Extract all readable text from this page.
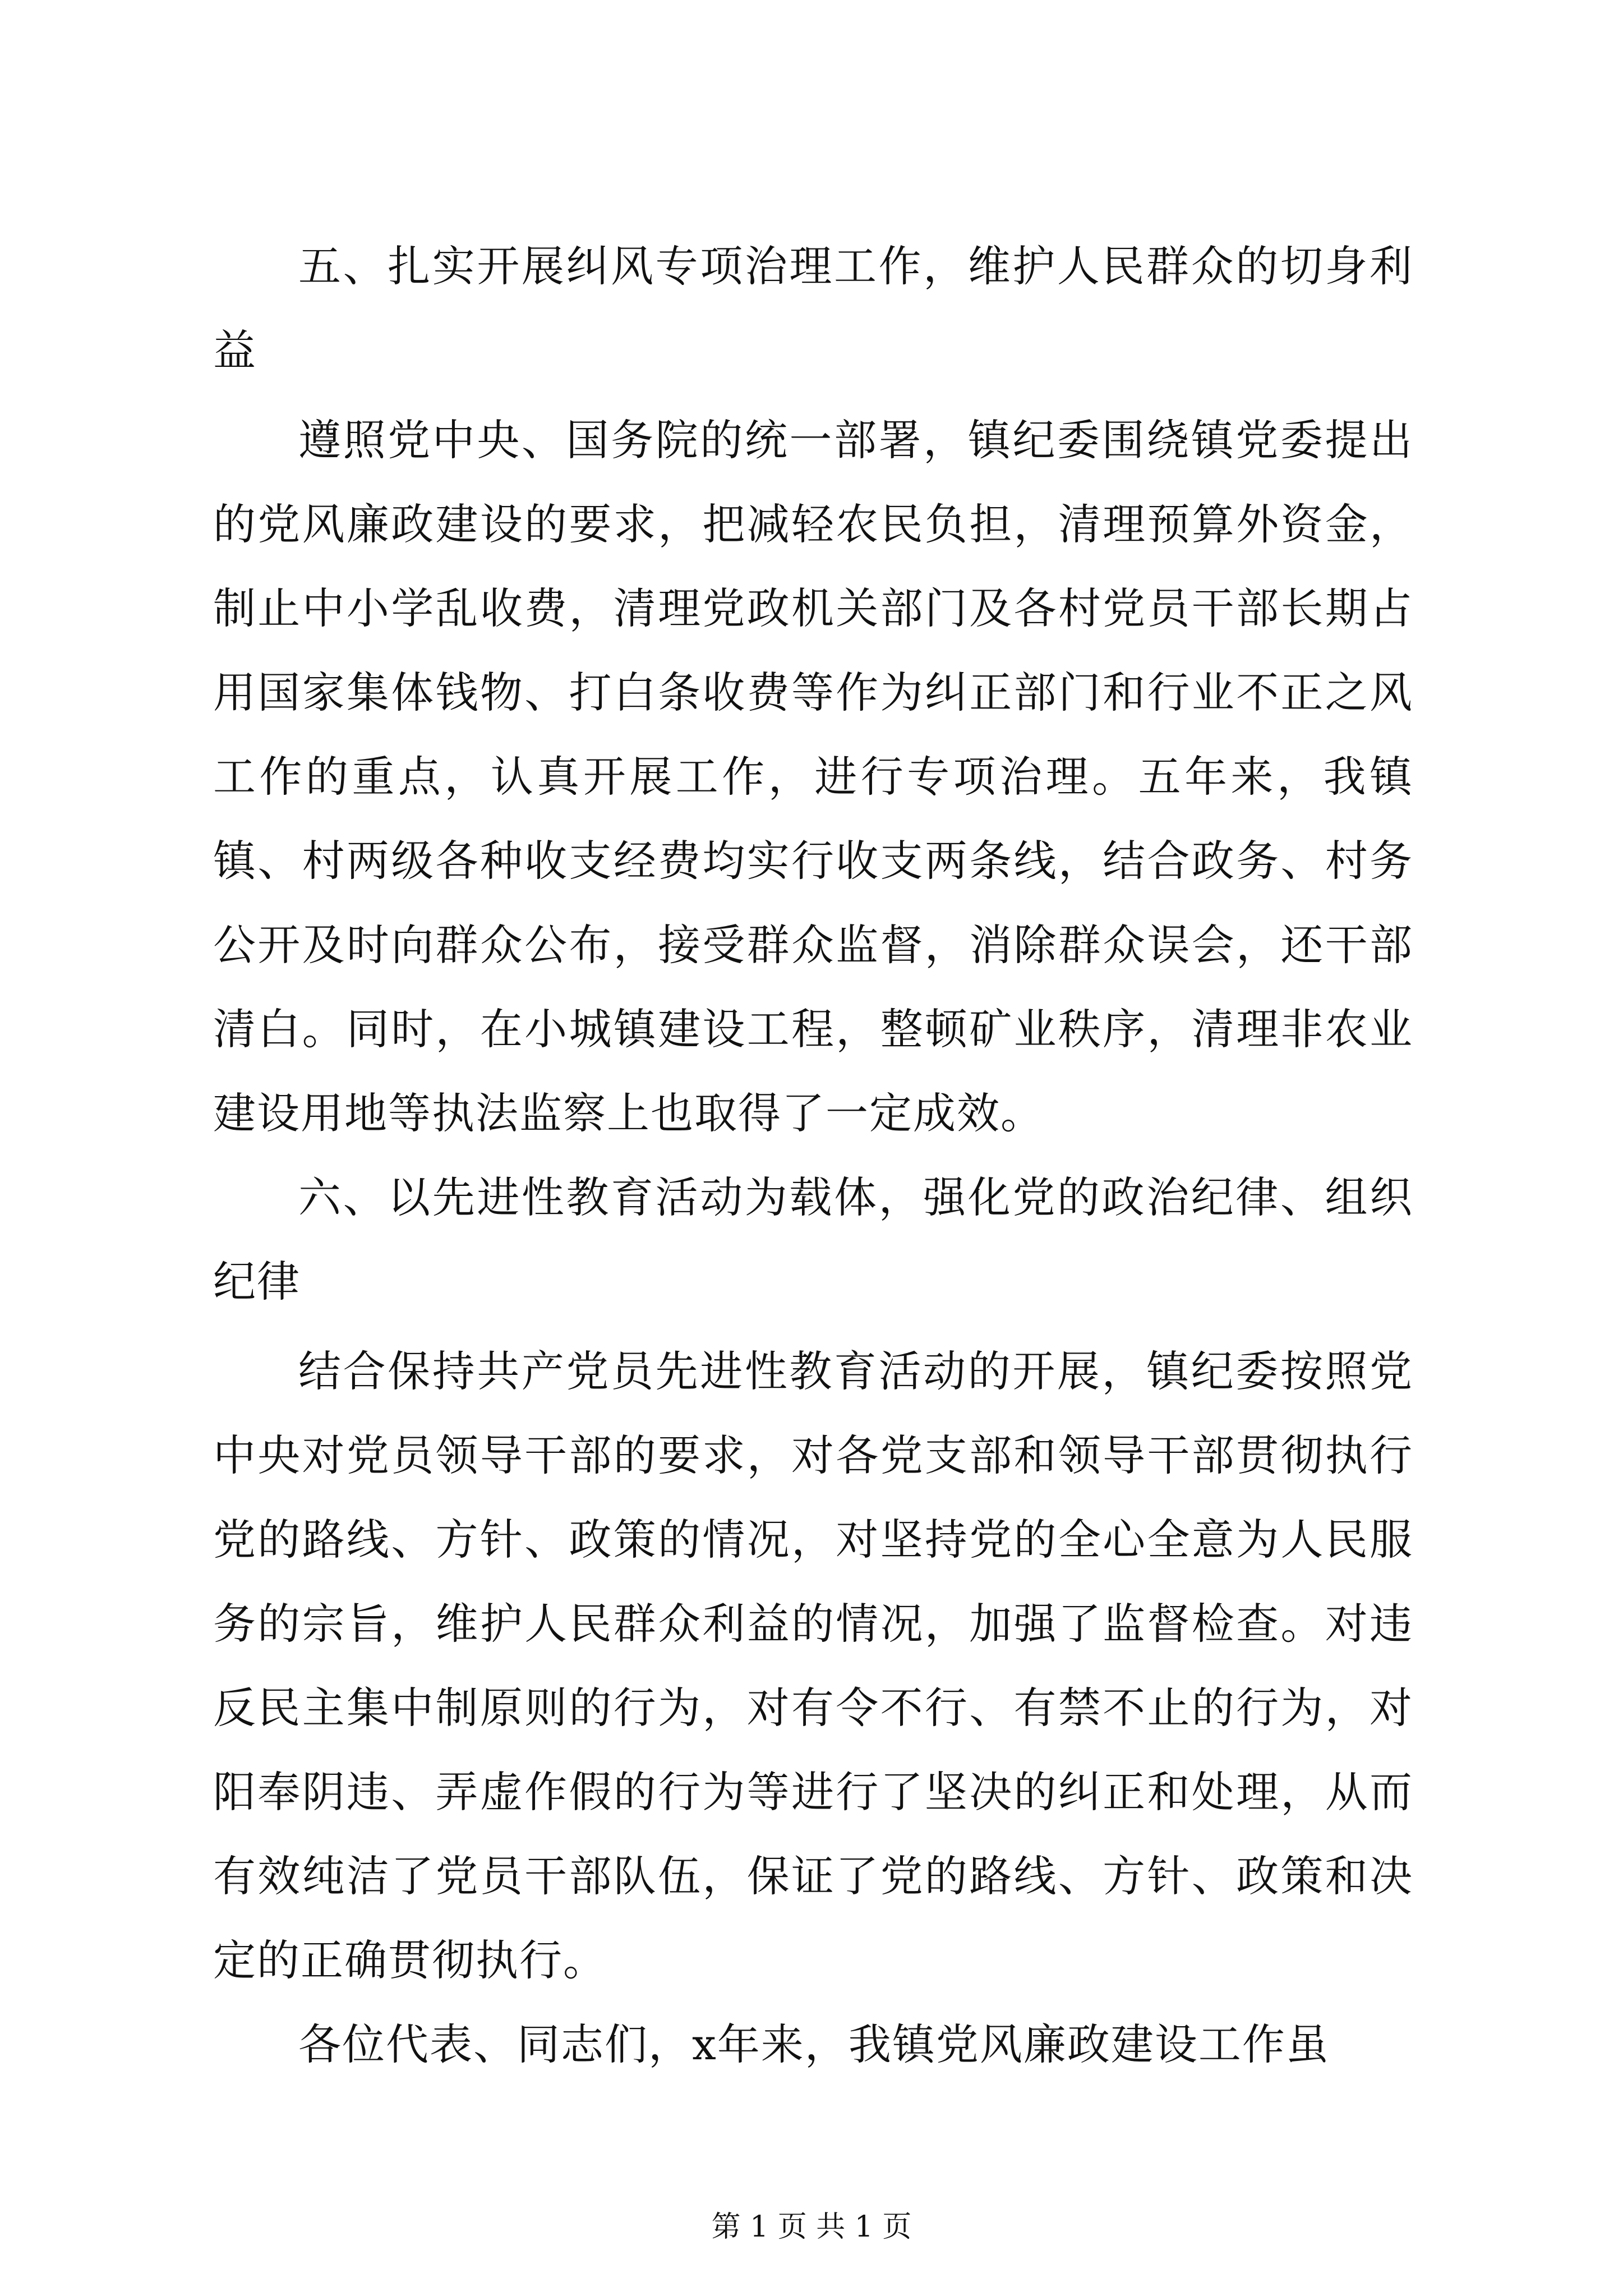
五、扎实开展纠风专项治理工作，维护人民群众的切身利益

遵照党中央、国务院的统一部署，镇纪委围绕镇党委提出的党风廉政建设的要求，把减轻农民负担，清理预算外资金，制止中小学乱收费，清理党政机关部门及各村党员干部长期占用国家集体钱物、打白条收费等作为纠正部门和行业不正之风工作的重点，认真开展工作，进行专项治理。五年来，我镇镇、村两级各种收支经费均实行收支两条线，结合政务、村务公开及时向群众公布，接受群众监督，消除群众误会，还干部清白。同时，在小城镇建设工程，整顿矿业秩序，清理非农业建设用地等执法监察上也取得了一定成效。

六、以先进性教育活动为载体，强化党的政治纪律、组织纪律

结合保持共产党员先进性教育活动的开展，镇纪委按照党中央对党员领导干部的要求，对各党支部和领导干部贯彻执行党的路线、方针、政策的情况，对坚持党的全心全意为人民服务的宗旨，维护人民群众利益的情况，加强了监督检查。对违反民主集中制原则的行为，对有令不行、有禁不止的行为，对阳奉阴违、弄虚作假的行为等进行了坚决的纠正和处理，从而有效纯洁了党员干部队伍，保证了党的路线、方针、政策和决定的正确贯彻执行。

各位代表、同志们，x年来，我镇党风廉政建设工作虽

第 1 页 共 1 页
